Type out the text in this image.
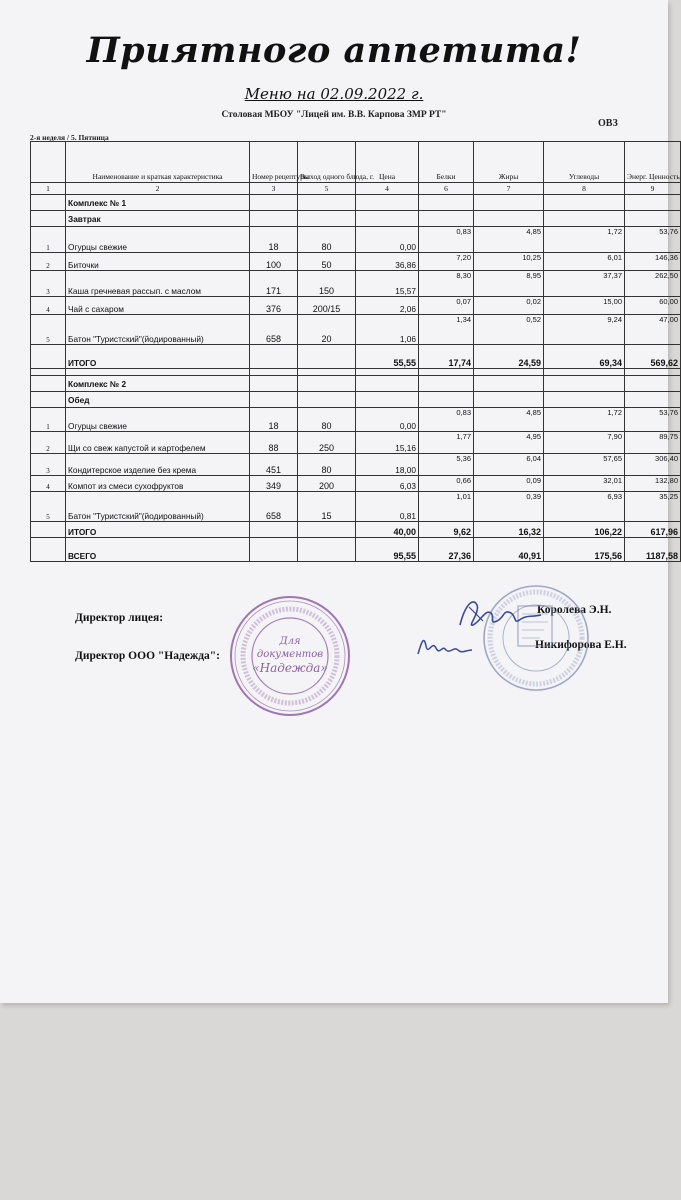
Приятного аппетита!
Меню на 02.09.2022 г.
Столовая МБОУ "Лицей им. В.В. Карпова ЗМР РТ"
ОВЗ
2-я неделя / 5. Пятница
	Наименование и краткая характеристика	Номер рецептуры	Выход одного блюда, г.	Цена	Белки	Жиры	Углеводы	Энерг. Ценность
1	2	3	5	4	6	7	8	9
	Комплекс № 1							
	Завтрак							
1	Огурцы свежие	18	80	0,00	0,83	4,85	1,72	53,76
2	Биточки	100	50	36,86	7,20	10,25	6,01	146,36
3	Каша гречневая рассып. с маслом	171	150	15,57	8,30	8,95	37,37	262,50
4	Чай с сахаром	376	200/15	2,06	0,07	0,02	15,00	60,00
5	Батон "Туристский"(йодированный)	658	20	1,06	1,34	0,52	9,24	47,00
	ИТОГО			55,55	17,74	24,59	69,34	569,62

	Комплекс № 2							
	Обед							
1	Огурцы свежие	18	80	0,00	0,83	4,85	1,72	53,76
2	Щи со свеж капустой и картофелем	88	250	15,16	1,77	4,95	7,90	89,75
3	Кондитерское изделие без крема	451	80	18,00	5,36	6,04	57,65	306,40
4	Компот из смеси сухофруктов	349	200	6,03	0,66	0,09	32,01	132,80
5	Батон "Туристский"(йодированный)	658	15	0,81	1,01	0,39	6,93	35,25
	ИТОГО			40,00	9,62	16,32	106,22	617,96
	ВСЕГО			95,55	27,36	40,91	175,56	1187,58
Директор лицея:
Директор ООО "Надежда":
Королева Э.Н.
Никифорова Е.Н.
Для
документов
«Надежда»
